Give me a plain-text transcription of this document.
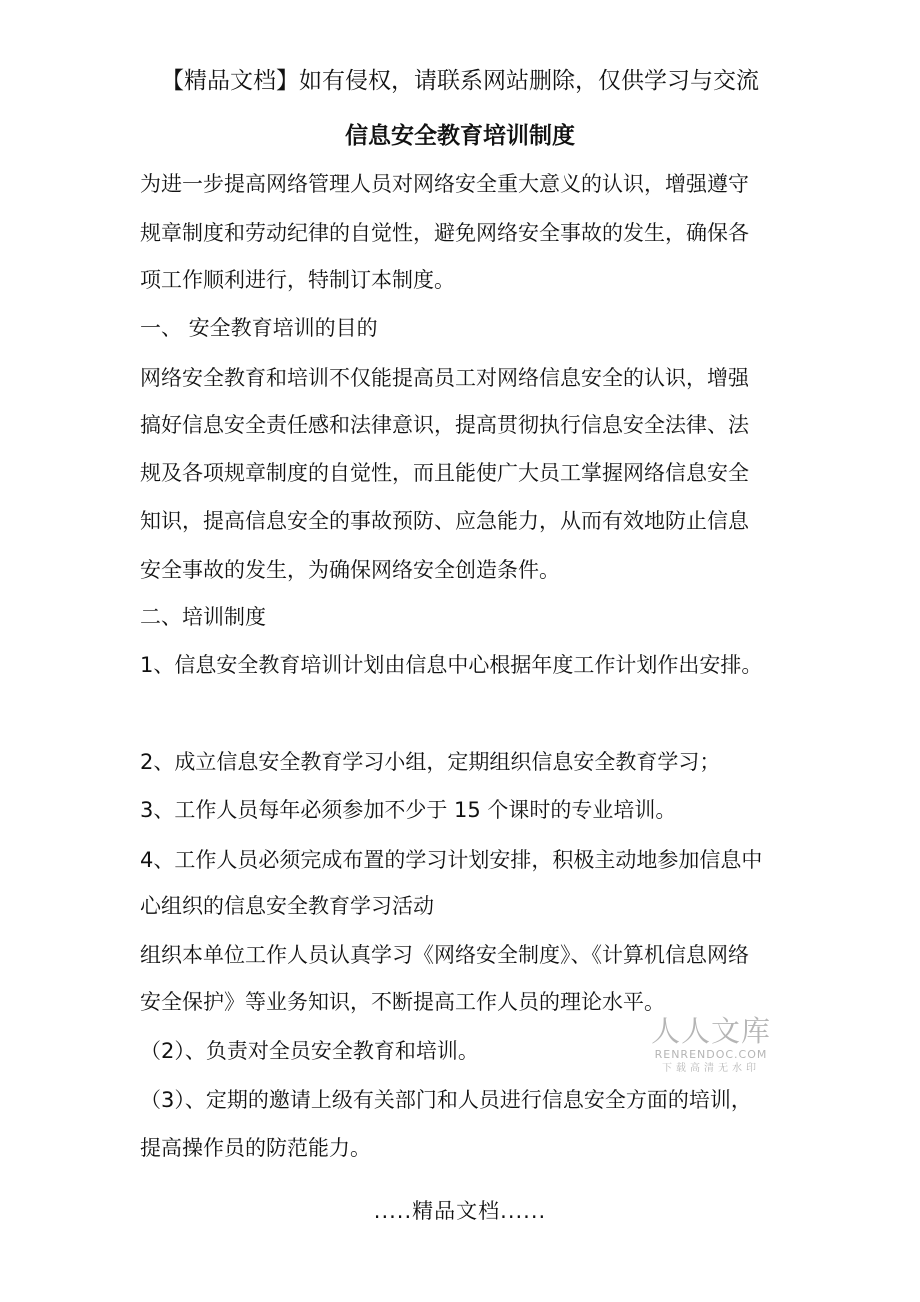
【精品文档】如有侵权，请联系网站删除，仅供学习与交流
信息安全教育培训制度
为进一步提高网络管理人员对网络安全重大意义的认识，增强遵守
规章制度和劳动纪律的自觉性，避免网络安全事故的发生，确保各
项工作顺利进行，特制订本制度。
一、 安全教育培训的目的
网络安全教育和培训不仅能提高员工对网络信息安全的认识，增强
搞好信息安全责任感和法律意识，提高贯彻执行信息安全法律、法
规及各项规章制度的自觉性，而且能使广大员工掌握网络信息安全
知识，提高信息安全的事故预防、应急能力，从而有效地防止信息
安全事故的发生，为确保网络安全创造条件。
二、培训制度
1、信息安全教育培训计划由信息中心根据年度工作计划作出安排。
2、成立信息安全教育学习小组，定期组织信息安全教育学习；
3、工作人员每年必须参加不少于 15 个课时的专业培训。
4、工作人员必须完成布置的学习计划安排，积极主动地参加信息中
心组织的信息安全教育学习活动
组织本单位工作人员认真学习《网络安全制度》、《计算机信息网络
安全保护》等业务知识，不断提高工作人员的理论水平。
（2）、负责对全员安全教育和培训。
（3）、定期的邀请上级有关部门和人员进行信息安全方面的培训，
提高操作员的防范能力。
.....精品文档......
人人文库
RENRENDOC.COM
下载高清无水印
